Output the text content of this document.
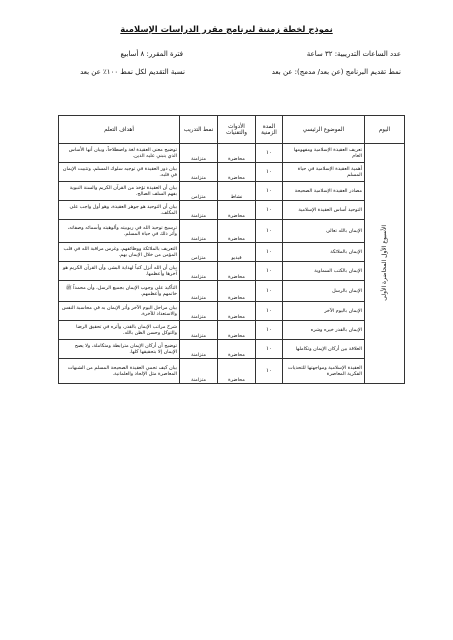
نموذج لخطة زمنية لبرنامج مقرر الدراسات الإسلامية
عدد الساعات التدريبية: ٣٢ ساعة
فترة المقرر: ٨ أسابيع
نمط تقديم البرنامج (عن بعد/ مدمج): عن بعد
نسبة التقديم لكل نمط ١٠٠٪ عن بعد
اليوم	الموضوع الرئيسي	المدة الزمنية	الأدوات والتقنيات	نمط التدريب	أهداف التعلم
الأسبوع الأول المحاضرة الأولى	تعريف العقيدة الإسلامية ومفهومها العام	١٠	محاضرة	متزامنة	توضيح معنى العقيدة لغة واصطلاحاً، وبيان أنها الأساس الذي ينبني عليه الدين.
	أهمية العقيدة الإسلامية في حياة المسلم	١٠	محاضرة	متزامنة	بيان دور العقيدة في توجيه سلوك المسلم، وتثبيت الإيمان في قلبه.
	مصادر العقيدة الإسلامية الصحيحة	١٠	نشاط	متزامن	بيان أن العقيدة تؤخذ من القرآن الكريم والسنة النبوية بفهم السلف الصالح.
	التوحيد أساس العقيدة الإسلامية	١٠	محاضرة	متزامنة	بيان أن التوحيد هو جوهر العقيدة، وهو أول واجب على المكلف.
	الإيمان بالله تعالى	١٠	محاضرة	متزامنة	ترسيخ توحيد الله في ربوبيته وألوهيته وأسمائه وصفاته، وأثر ذلك في حياة المسلم.
	الإيمان بالملائكة	١٠	فيديو	متزامن	التعريف بالملائكة ووظائفهم، وغرس مراقبة الله في قلب المؤمن من خلال الإيمان بهم.
	الإيمان بالكتب السماوية	١٠	محاضرة	متزامنة	بيان أن الله أنزل كتباً لهداية البشر، وأن القرآن الكريم هو آخرها وأعظمها.
	الإيمان بالرسل	١٠	محاضرة	متزامنة	التأكيد على وجوب الإيمان بجميع الرسل، وأن محمداً ﷺ خاتمهم وأعظمهم.
	الإيمان باليوم الآخر	١٠	محاضرة	متزامنة	بيان مراحل اليوم الآخر وأثر الإيمان به في محاسبة النفس والاستعداد للآخرة.
	الإيمان بالقدر خيره وشره	١٠	محاضرة	متزامنة	شرح مراتب الإيمان بالقدر، وأثره في تحقيق الرضا والتوكل وحسن الظن بالله.
	العلاقة بين أركان الإيمان وتكاملها	١٠	محاضرة	متزامنة	توضيح أن أركان الإيمان مترابطة ومتكاملة، ولا يصح الإيمان إلا بتحقيقها كلها.
	العقيدة الإسلامية ومواجهتها للتحديات الفكرية المعاصرة	١٠	محاضرة	متزامنة	بيان كيف تحمي العقيدة الصحيحة المسلم من الشبهات المعاصرة مثل الإلحاد والعلمانية.
